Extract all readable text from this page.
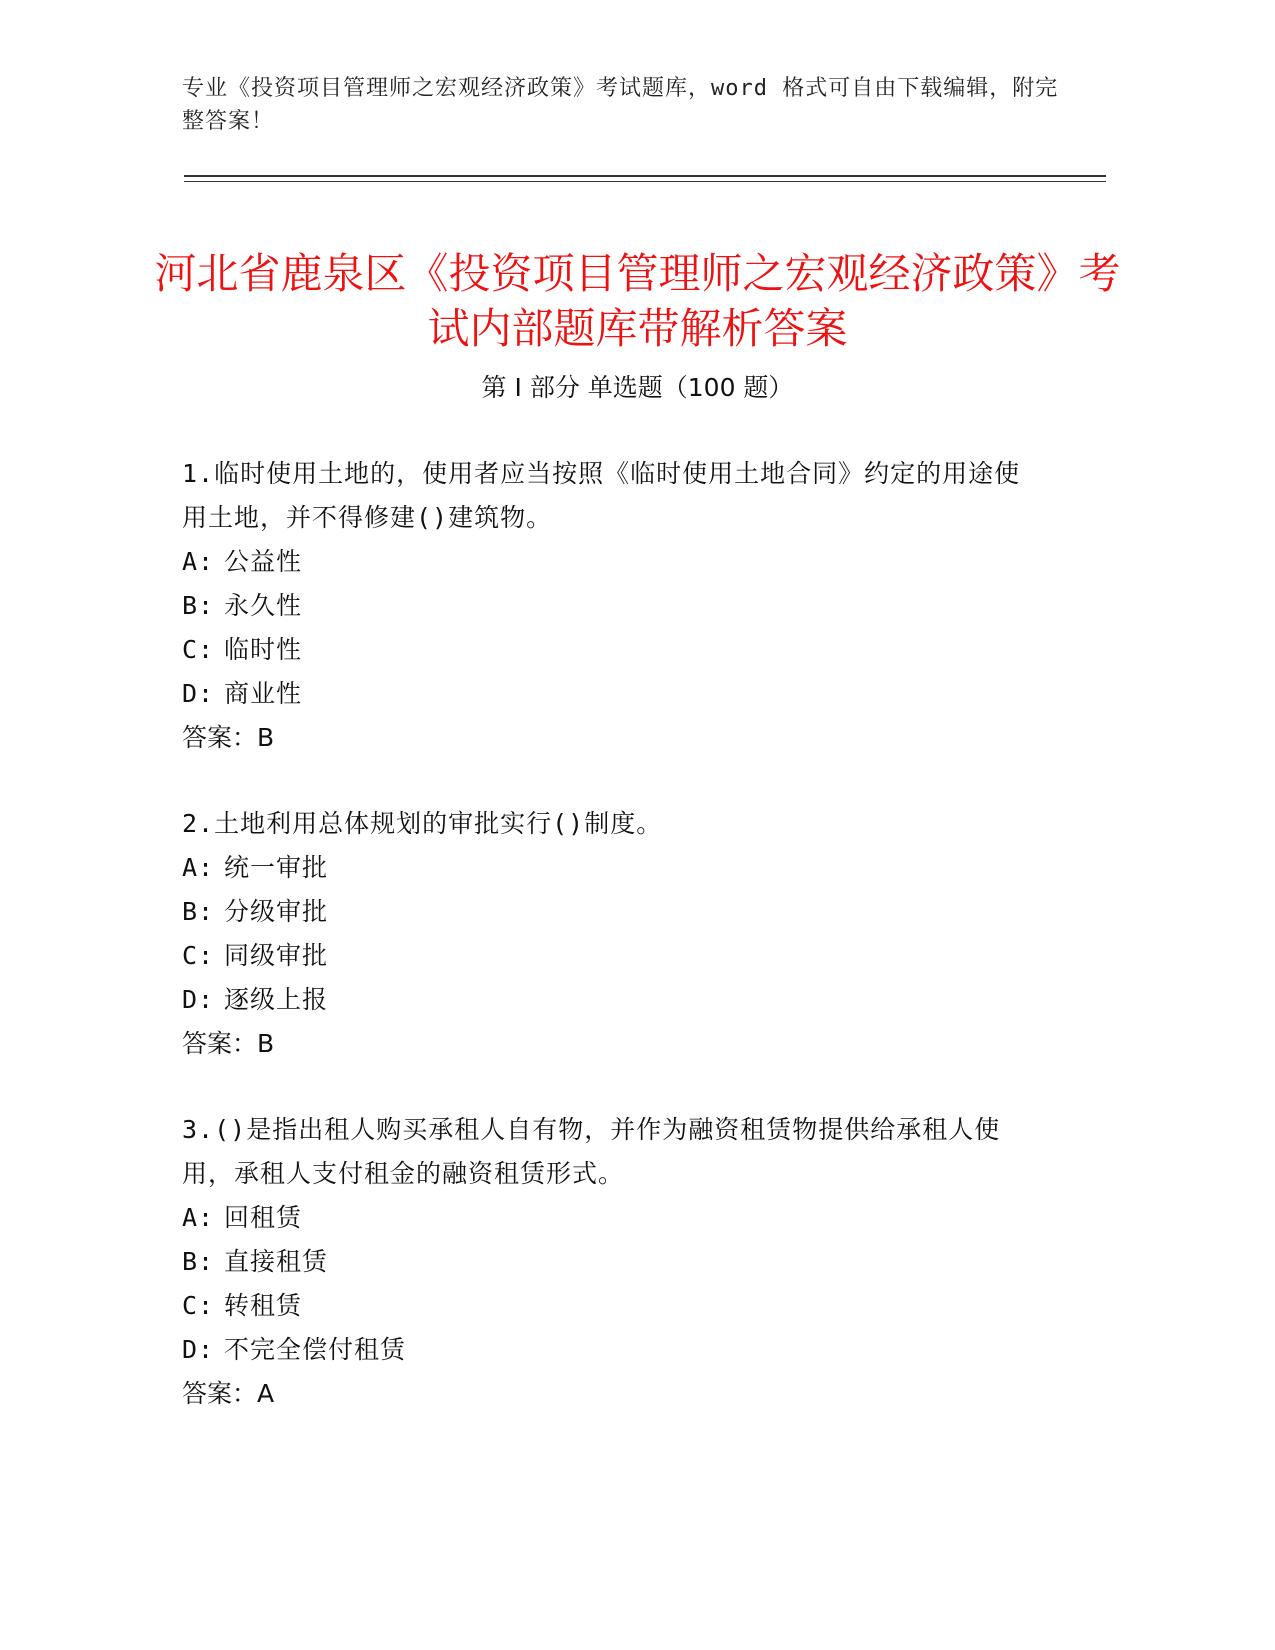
专业《投资项目管理师之宏观经济政策》考试题库，word 格式可自由下载编辑，附完整答案！
河北省鹿泉区《投资项目管理师之宏观经济政策》考试内部题库带解析答案
第 I 部分 单选题（100 题）

1.临时使用土地的，使用者应当按照《临时使用土地合同》约定的用途使用土地，并不得修建()建筑物。

A: 公益性

B: 永久性

C: 临时性

D: 商业性

答案：B

2.土地利用总体规划的审批实行()制度。

A: 统一审批

B: 分级审批

C: 同级审批

D: 逐级上报

答案：B

3.()是指出租人购买承租人自有物，并作为融资租赁物提供给承租人使用，承租人支付租金的融资租赁形式。

A: 回租赁

B: 直接租赁

C: 转租赁

D: 不完全偿付租赁

答案：A
